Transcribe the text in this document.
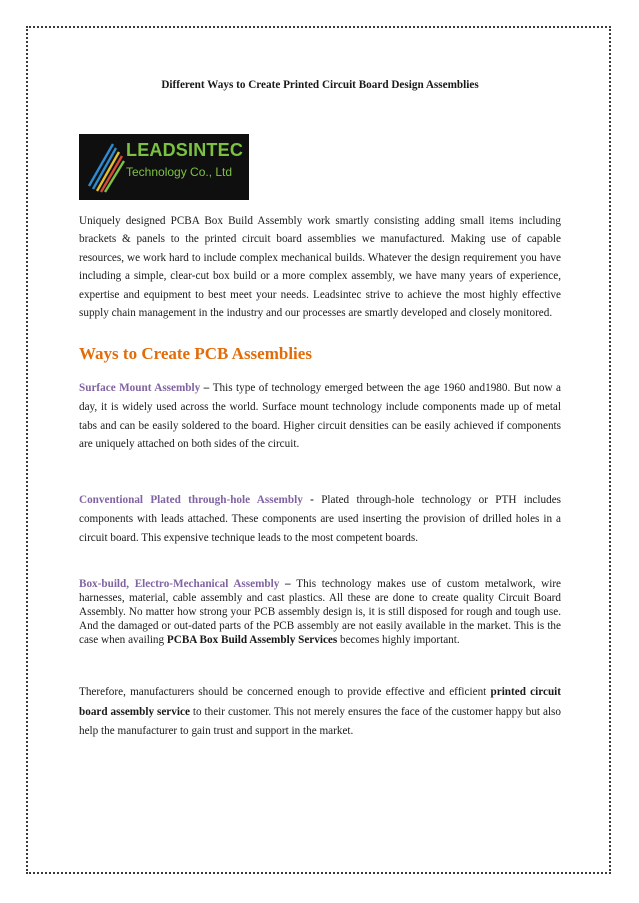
Different Ways to Create Printed Circuit Board Design Assemblies
LEADSINTEC
Technology Co., Ltd

Uniquely designed PCBA Box Build Assembly work smartly consisting adding small items including brackets & panels to the printed circuit board assemblies we manufactured. Making use of capable resources, we work hard to include complex mechanical builds. Whatever the design requirement you have including a simple, clear-cut box build or a more complex assembly, we have many years of experience, expertise and equipment to best meet your needs. Leadsintec strive to achieve the most highly effective supply chain management in the industry and our processes are smartly developed and closely monitored.

Ways to Create PCB Assemblies

Surface Mount Assembly – This type of technology emerged between the age 1960 and1980. But now a day, it is widely used across the world. Surface mount technology include components made up of metal tabs and can be easily soldered to the board. Higher circuit densities can be easily achieved if components are uniquely attached on both sides of the circuit.

Conventional Plated through-hole Assembly - Plated through-hole technology or PTH includes components with leads attached. These components are used inserting the provision of drilled holes in a circuit board. This expensive technique leads to the most competent boards.

Box-build, Electro-Mechanical Assembly – This technology makes use of custom metalwork, wire harnesses, material, cable assembly and cast plastics. All these are done to create quality Circuit Board Assembly. No matter how strong your PCB assembly design is, it is still disposed for rough and tough use. And the damaged or out-dated parts of the PCB assembly are not easily available in the market. This is the case when availing PCBA Box Build Assembly Services becomes highly important.

Therefore, manufacturers should be concerned enough to provide effective and efficient printed circuit board assembly service to their customer. This not merely ensures the face of the customer happy but also help the manufacturer to gain trust and support in the market.
